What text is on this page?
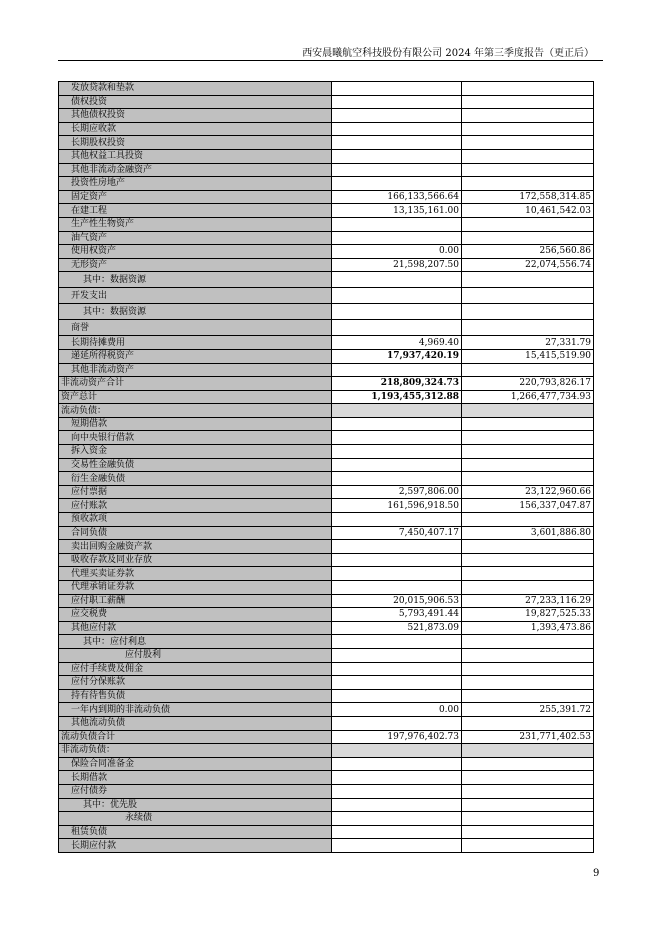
西安晨曦航空科技股份有限公司 2024 年第三季度报告（更正后）
发放贷款和垫款		
债权投资		
其他债权投资		
长期应收款		
长期股权投资		
其他权益工具投资		
其他非流动金融资产		
投资性房地产		
固定资产	166,133,566.64	172,558,314.85
在建工程	13,135,161.00	10,461,542.03
生产性生物资产		
油气资产		
使用权资产	0.00	256,560.86
无形资产	21,598,207.50	22,074,556.74
其中：数据资源		
开发支出		
其中：数据资源		
商誉		
长期待摊费用	4,969.40	27,331.79
递延所得税资产	17,937,420.19	15,415,519.90
其他非流动资产		
非流动资产合计	218,809,324.73	220,793,826.17
资产总计	1,193,455,312.88	1,266,477,734.93
流动负债：		
短期借款		
向中央银行借款		
拆入资金		
交易性金融负债		
衍生金融负债		
应付票据	2,597,806.00	23,122,960.66
应付账款	161,596,918.50	156,337,047.87
预收款项		
合同负债	7,450,407.17	3,601,886.80
卖出回购金融资产款		
吸收存款及同业存放		
代理买卖证券款		
代理承销证券款		
应付职工薪酬	20,015,906.53	27,233,116.29
应交税费	5,793,491.44	19,827,525.33
其他应付款	521,873.09	1,393,473.86
其中：应付利息		
应付股利		
应付手续费及佣金		
应付分保账款		
持有待售负债		
一年内到期的非流动负债	0.00	255,391.72
其他流动负债		
流动负债合计	197,976,402.73	231,771,402.53
非流动负债：		
保险合同准备金		
长期借款		
应付债券		
其中：优先股		
永续债		
租赁负债		
长期应付款		
9
